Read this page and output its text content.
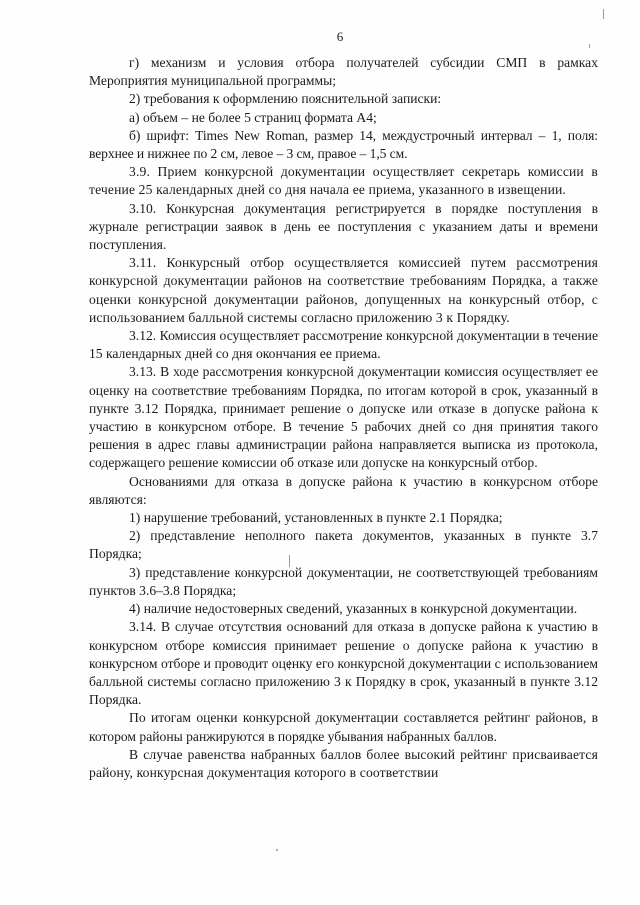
6

г) механизм и условия отбора получателей субсидии СМП в рамках Мероприятия муниципальной программы;

2) требования к оформлению пояснительной записки:

а) объем – не более 5 страниц формата А4;

б) шрифт: Times New Roman, размер 14, междустрочный интервал – 1, поля: верхнее и нижнее по 2 см, левое – 3 см, правое – 1,5 см.

3.9. Прием конкурсной документации осуществляет секретарь комиссии в течение 25 календарных дней со дня начала ее приема, указанного в извещении.

3.10. Конкурсная документация регистрируется в порядке поступления в журнале регистрации заявок в день ее поступления с указанием даты и времени поступления.

3.11. Конкурсный отбор осуществляется комиссией путем рассмотрения конкурсной документации районов на соответствие требованиям Порядка, а также оценки конкурсной документации районов, допущенных на конкурсный отбор, с использованием балльной системы согласно приложению 3 к Порядку.

3.12. Комиссия осуществляет рассмотрение конкурсной документации в течение 15 календарных дней со дня окончания ее приема.

3.13. В ходе рассмотрения конкурсной документации комиссия осуществляет ее оценку на соответствие требованиям Порядка, по итогам которой в срок, указанный в пункте 3.12 Порядка, принимает решение о допуске или отказе в допуске района к участию в конкурсном отборе. В течение 5 рабочих дней со дня принятия такого решения в адрес главы администрации района направляется выписка из протокола, содержащего решение комиссии об отказе или допуске на конкурсный отбор.

Основаниями для отказа в допуске района к участию в конкурсном отборе являются:

1) нарушение требований, установленных в пункте 2.1 Порядка;

2) представление неполного пакета документов, указанных в пункте 3.7 Порядка;

3) представление конкурсной документации, не соответствующей требованиям пунктов 3.6–3.8 Порядка;

4) наличие недостоверных сведений, указанных в конкурсной документации.

3.14. В случае отсутствия оснований для отказа в допуске района к участию в конкурсном отборе комиссия принимает решение о допуске района к участию в конкурсном отборе и проводит оценку его конкурсной документации с использованием балльной системы согласно приложению 3 к Порядку в срок, указанный в пункте 3.12 Порядка.

По итогам оценки конкурсной документации составляется рейтинг районов, в котором районы ранжируются в порядке убывания набранных баллов.

В случае равенства набранных баллов более высокий рейтинг присваивается району, конкурсная документация которого в соответствии
